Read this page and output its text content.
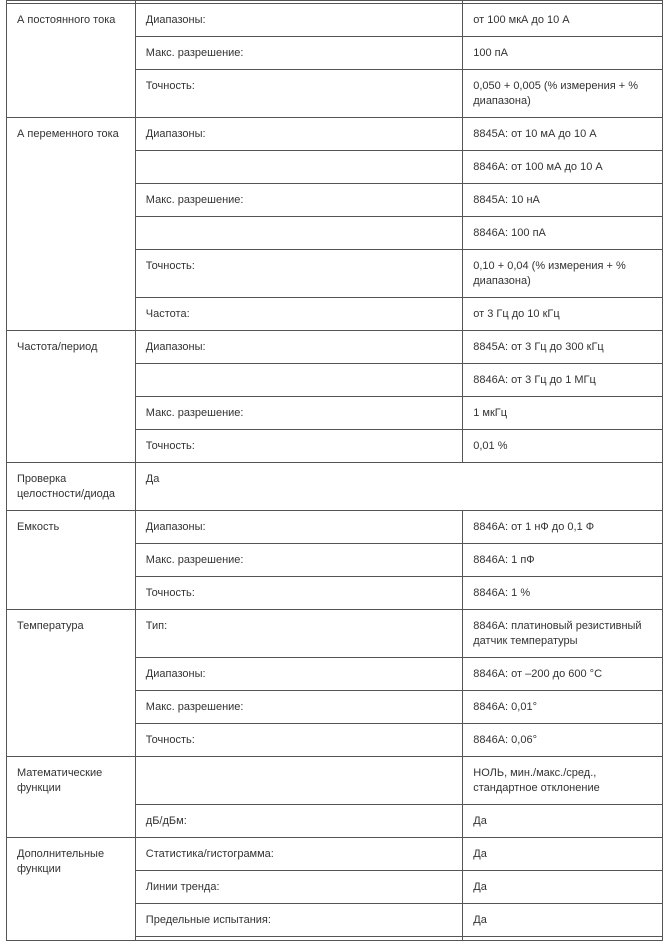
А постоянного тока	Диапазоны:	от 100 мкА до 10 А
	Макс. разрешение:	100 пА
	Точность:	0,050 + 0,005 (% измерения + % диапазона)
А переменного тока	Диапазоны:	8845А: от 10 мА до 10 А
		8846А: от 100 мА до 10 А
	Макс. разрешение:	8845А: 10 нА
		8846А: 100 пА
	Точность:	0,10 + 0,04 (% измерения + % диапазона)
	Частота:	от 3 Гц до 10 кГц
Частота/период	Диапазоны:	8845А: от 3 Гц до 300 кГц
		8846А: от 3 Гц до 1 МГц
	Макс. разрешение:	1 мкГц
	Точность:	0,01 %
Проверка целостности/диода	Да	
Емкость	Диапазоны:	8846А: от 1 нФ до 0,1 Ф
	Макс. разрешение:	8846А: 1 пФ
	Точность:	8846А: 1 %
Температура	Тип:	8846А: платиновый резистивный датчик температуры
	Диапазоны:	8846А: от –200 до 600 °С
	Макс. разрешение:	8846А: 0,01°
	Точность:	8846А: 0,06°
Математические функции		НОЛЬ, мин./макс./сред., стандартное отклонение
	дБ/дБм:	Да
Дополнительные функции	Статистика/гистограмма:	Да
	Линии тренда:	Да
	Предельные испытания:	Да
